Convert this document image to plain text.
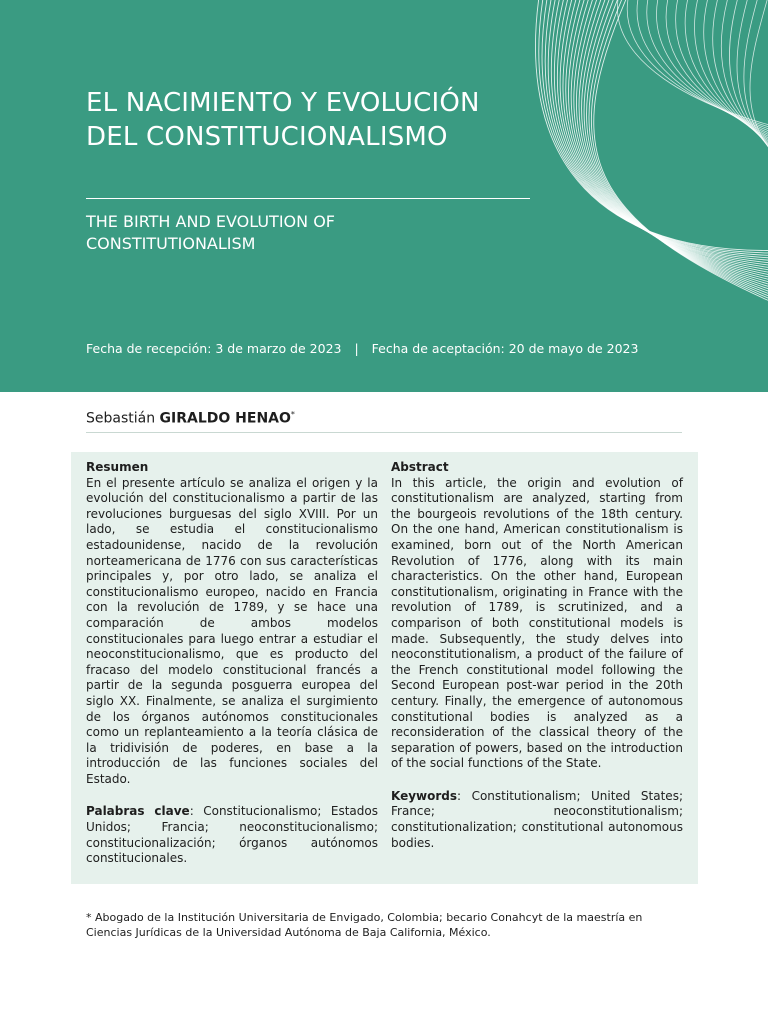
EL NACIMIENTO Y EVOLUCIÓN
DEL CONSTITUCIONALISMO
THE BIRTH AND EVOLUTION OF
CONSTITUTIONALISM
Fecha de recepción: 3 de marzo de 2023 | Fecha de aceptación: 20 de mayo de 2023
Sebastián GIRALDO HENAO*
Resumen

En el presente artículo se analiza el origen y la evolución del constitucionalismo a partir de las revoluciones burguesas del siglo XVIII. Por un lado, se estudia el constitucionalismo estadounidense, nacido de la revolución norteamericana de 1776 con sus características principales y, por otro lado, se analiza el constitucionalismo europeo, nacido en Francia con la revolución de 1789, y se hace una comparación de ambos modelos constitucionales para luego entrar a estudiar el neoconstitucionalismo, que es producto del fracaso del modelo constitucional francés a partir de la segunda posguerra europea del siglo XX. Finalmente, se analiza el surgimiento de los órganos autónomos constitucionales como un replanteamiento a la teoría clásica de la tridivisión de poderes, en base a la introducción de las funciones sociales del Estado.

Palabras clave: Constitucionalismo; Estados Unidos; Francia; neoconstitucionalismo; constitucionalización; órganos autónomos constitucionales.

Abstract

In this article, the origin and evolution of constitutionalism are analyzed, starting from the bourgeois revolutions of the 18th century. On the one hand, American constitutionalism is examined, born out of the North American Revolution of 1776, along with its main characteristics. On the other hand, European constitutionalism, originating in France with the revolution of 1789, is scrutinized, and a comparison of both constitutional models is made. Subsequently, the study delves into neoconstitutionalism, a product of the failure of the French constitutional model following the Second European post-war period in the 20th century. Finally, the emergence of autonomous constitutional bodies is analyzed as a reconsideration of the classical theory of the separation of powers, based on the introduction of the social functions of the State.

Keywords: Constitutionalism; United States; France; neoconstitutionalism; constitutionalization; constitutional autonomous bodies.

* Abogado de la Institución Universitaria de Envigado, Colombia; becario Conahcyt de la maestría en
Ciencias Jurídicas de la Universidad Autónoma de Baja California, México.
